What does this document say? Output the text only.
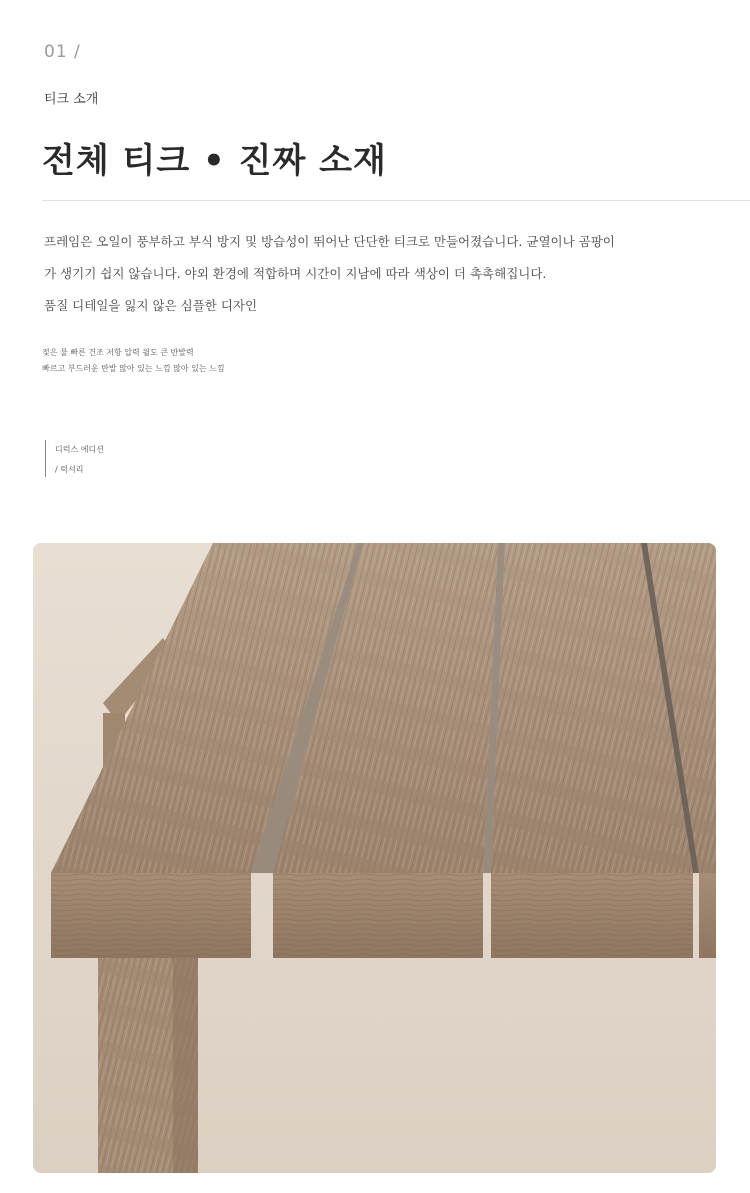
01 /
티크 소개
전체 티크 • 진짜 소재

프레임은 오일이 풍부하고 부식 방지 및 방습성이 뛰어난 단단한 티크로 만들어졌습니다. 균열이나 곰팡이

가 생기기 쉽지 않습니다. 야외 환경에 적합하며 시간이 지남에 따라 색상이 더 촉촉해집니다.

품질 디테일을 잃지 않은 심플한 디자인

젖은 물 빠른 건조 저항 압력 윌도 큰 반발력

빠르고 부드러운 반발 많아 있는 느낌 많아 있는 느낌

디럭스 에디션

/ 럭셔리
